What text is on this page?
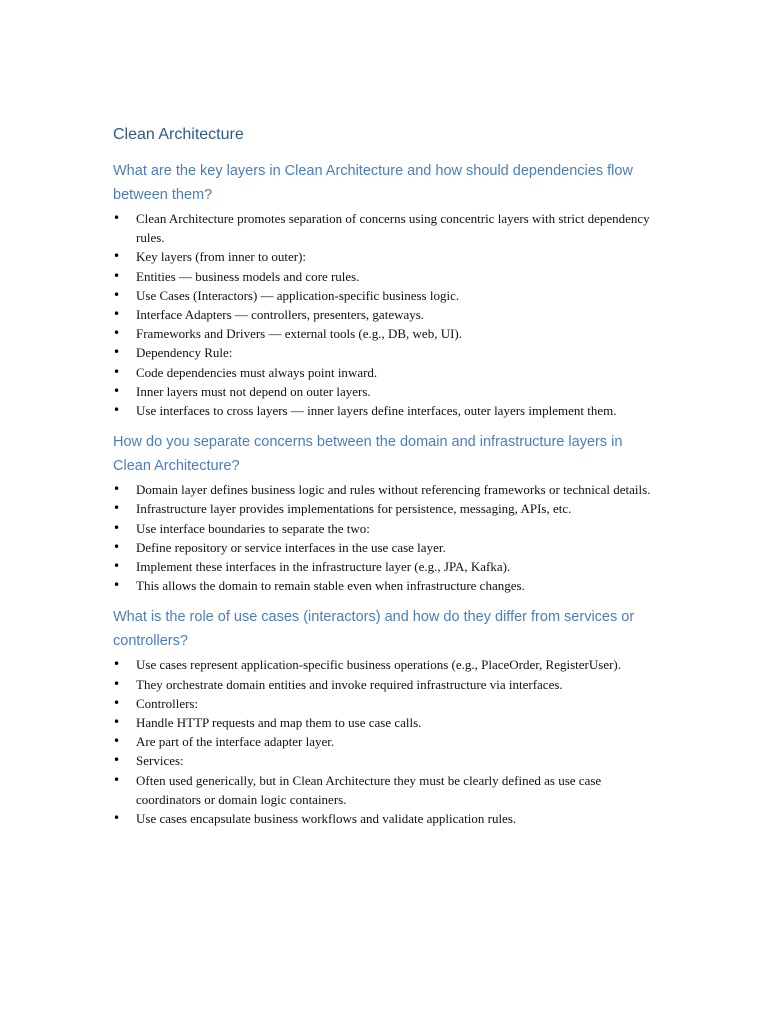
Clean Architecture
What are the key layers in Clean Architecture and how should dependencies flow between them?
• Clean Architecture promotes separation of concerns using concentric layers with strict dependency rules.
• Key layers (from inner to outer):
• Entities — business models and core rules.
• Use Cases (Interactors) — application-specific business logic.
• Interface Adapters — controllers, presenters, gateways.
• Frameworks and Drivers — external tools (e.g., DB, web, UI).
• Dependency Rule:
• Code dependencies must always point inward.
• Inner layers must not depend on outer layers.
• Use interfaces to cross layers — inner layers define interfaces, outer layers implement them.
How do you separate concerns between the domain and infrastructure layers in Clean Architecture?
• Domain layer defines business logic and rules without referencing frameworks or technical details.
• Infrastructure layer provides implementations for persistence, messaging, APIs, etc.
• Use interface boundaries to separate the two:
• Define repository or service interfaces in the use case layer.
• Implement these interfaces in the infrastructure layer (e.g., JPA, Kafka).
• This allows the domain to remain stable even when infrastructure changes.
What is the role of use cases (interactors) and how do they differ from services or controllers?
• Use cases represent application-specific business operations (e.g., PlaceOrder, RegisterUser).
• They orchestrate domain entities and invoke required infrastructure via interfaces.
• Controllers:
• Handle HTTP requests and map them to use case calls.
• Are part of the interface adapter layer.
• Services:
• Often used generically, but in Clean Architecture they must be clearly defined as use case coordinators or domain logic containers.
• Use cases encapsulate business workflows and validate application rules.
